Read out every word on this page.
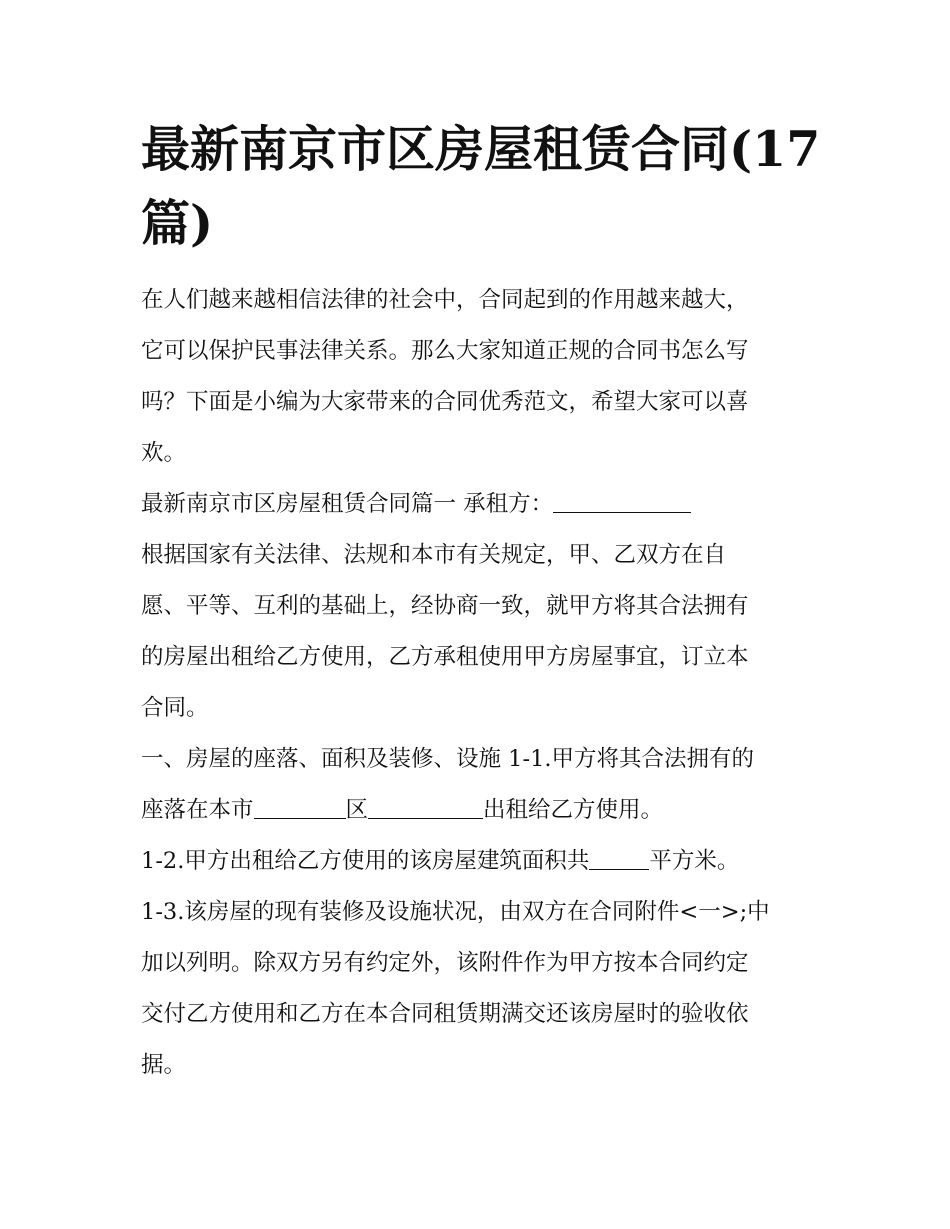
最新南京市区房屋租赁合同(17
篇)

在人们越来越相信法律的社会中，合同起到的作用越来越大，

它可以保护民事法律关系。那么大家知道正规的合同书怎么写

吗？下面是小编为大家带来的合同优秀范文，希望大家可以喜

欢。

最新南京市区房屋租赁合同篇一 承租方：

根据国家有关法律、法规和本市有关规定，甲、乙双方在自

愿、平等、互利的基础上，经协商一致，就甲方将其合法拥有

的房屋出租给乙方使用，乙方承租使用甲方房屋事宜，订立本

合同。

一、房屋的座落、面积及装修、设施 1-1.甲方将其合法拥有的

座落在本市	区	出租给乙方使用。

1-2.甲方出租给乙方使用的该房屋建筑面积共	平方米。

1-3.该房屋的现有装修及设施状况，由双方在合同附件<一>;中

加以列明。除双方另有约定外，该附件作为甲方按本合同约定

交付乙方使用和乙方在本合同租赁期满交还该房屋时的验收依

据。
